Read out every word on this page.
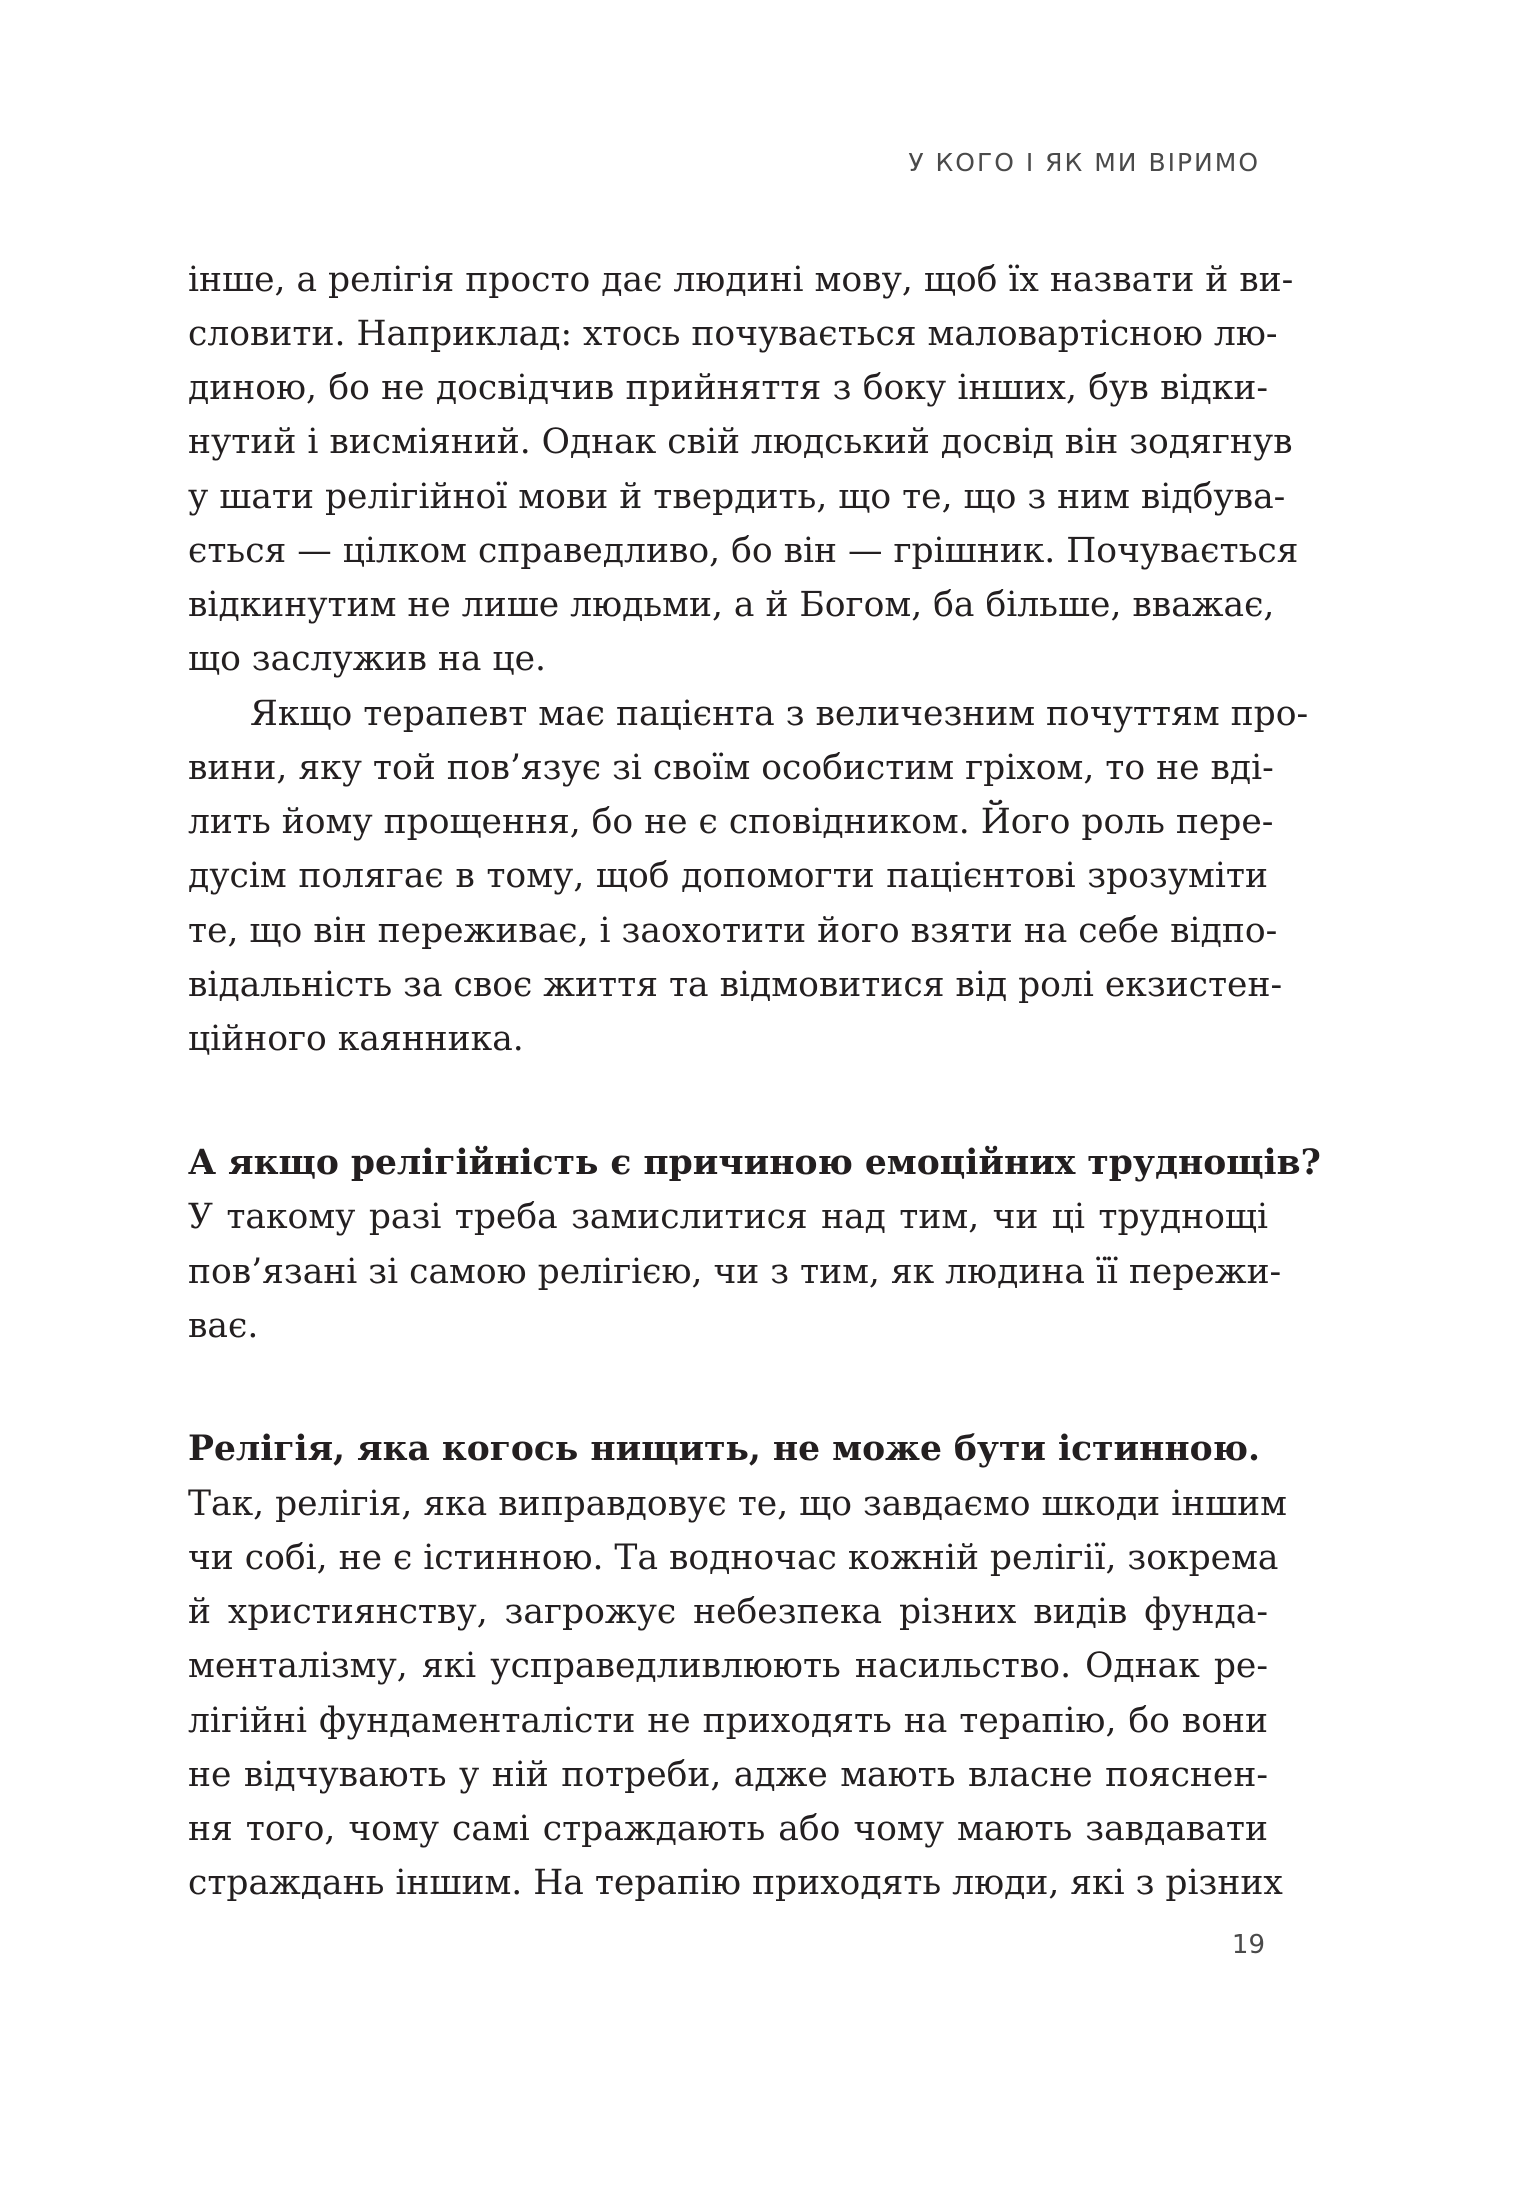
У КОГО І ЯК МИ ВІРИМО
інше, а релігія просто дає людині мову, щоб їх назвати й ви-
словити. Наприклад: хтось почувається маловартісною лю-
диною, бо не досвідчив прийняття з боку інших, був відки-
нутий і висміяний. Однак свій людський досвід він зодягнув
у шати релігійної мови й твердить, що те, що з ним відбува-
ється — цілком справедливо, бо він — грішник. Почувається
відкинутим не лише людьми, а й Богом, ба більше, вважає,
що заслужив на це.
Якщо терапевт має пацієнта з величезним почуттям про-
вини, яку той пов’язує зі своїм особистим гріхом, то не вді-
лить йому прощення, бо не є сповідником. Його роль пере-
дусім полягає в тому, щоб допомогти пацієнтові зрозуміти
те, що він переживає, і заохотити його взяти на себе відпо-
відальність за своє життя та відмовитися від ролі екзистен-
ційного каянника.
А якщо релігійність є причиною емоційних труднощів?
У такому разі треба замислитися над тим, чи ці труднощі
пов’язані зі самою релігією, чи з тим, як людина її пережи-
ває.
Релігія, яка когось нищить, не може бути істинною.
Так, релігія, яка виправдовує те, що завдаємо шкоди іншим
чи собі, не є істинною. Та водночас кожній релігії, зокрема
й християнству, загрожує небезпека різних видів фунда-
менталізму, які усправедливлюють насильство. Однак ре-
лігійні фундаменталісти не приходять на терапію, бо вони
не відчувають у ній потреби, адже мають власне пояснен-
ня того, чому самі страждають або чому мають завдавати
страждань іншим. На терапію приходять люди, які з різних
19
